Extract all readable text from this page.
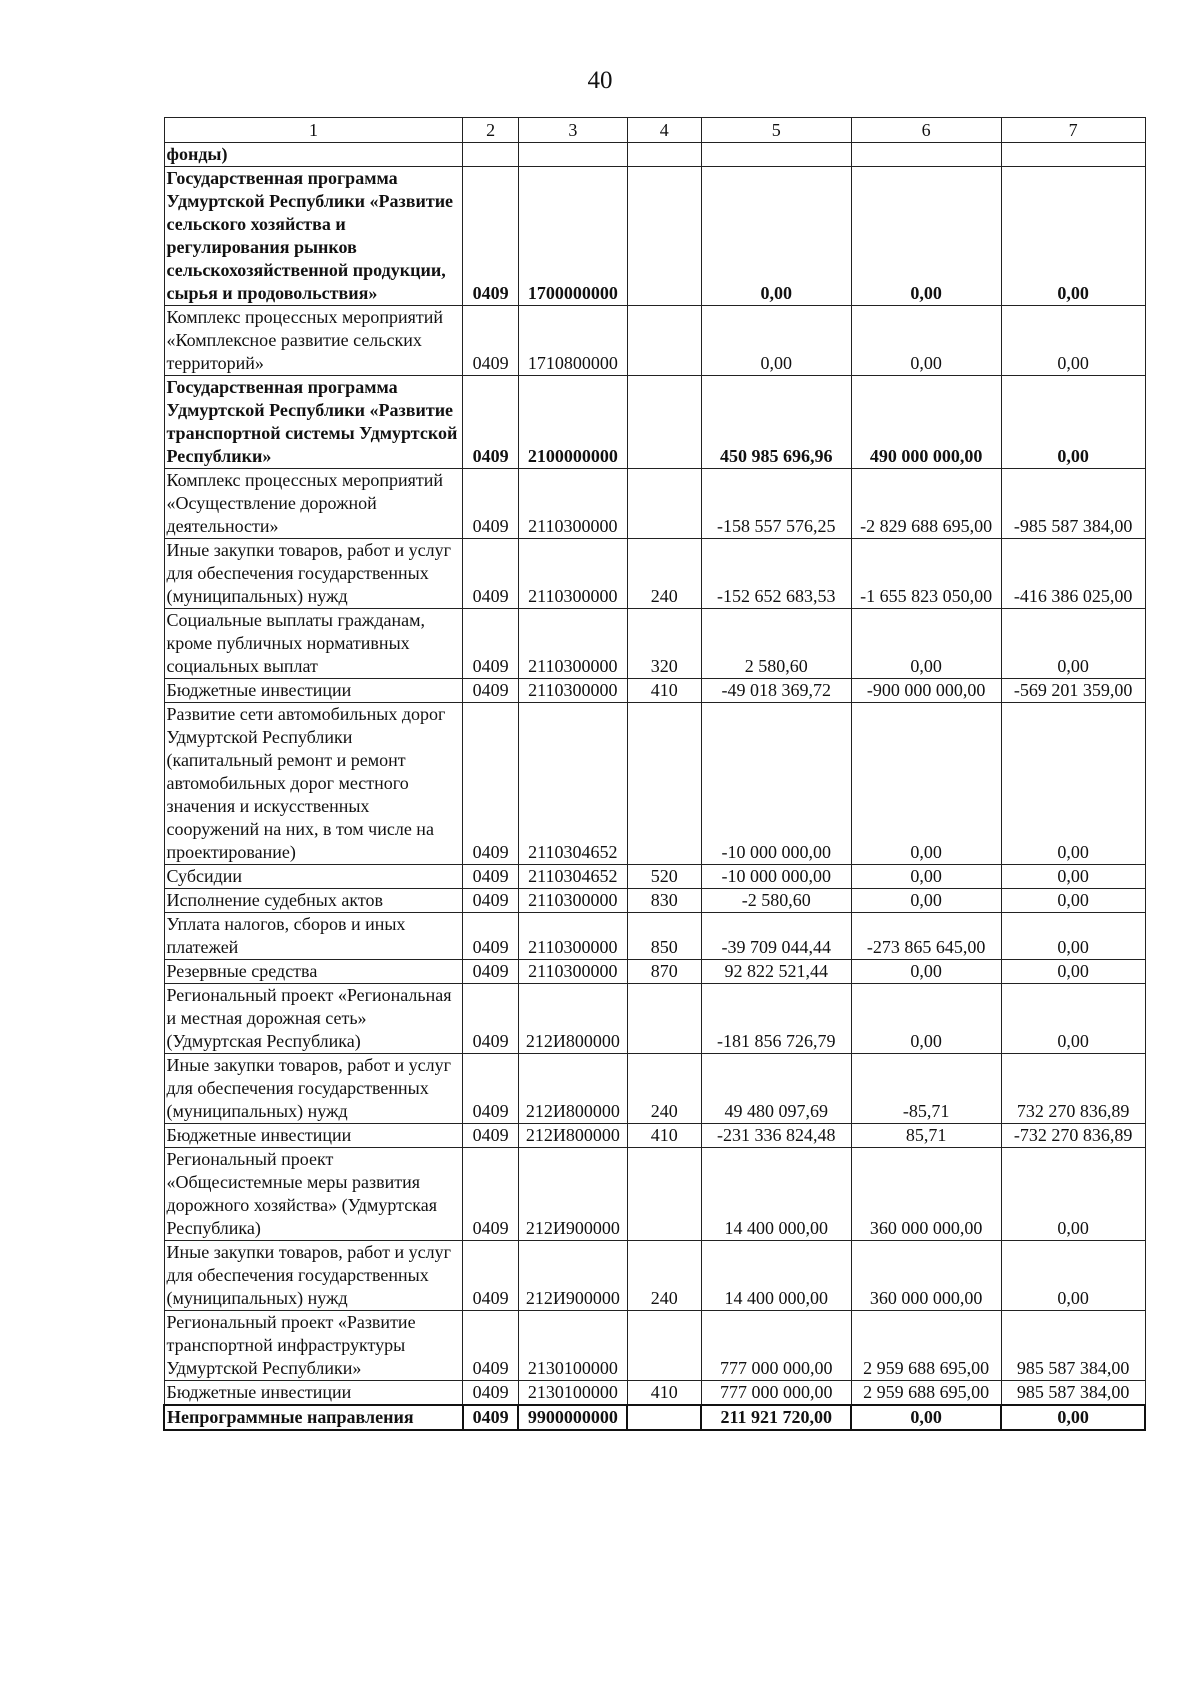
40
1	2	3	4	5	6	7
фонды)						
Государственная программа Удмуртской Республики «Развитие сельского хозяйства и регулирования рынков сельскохозяйственной продукции, сырья и продовольствия»	0409	1700000000		0,00	0,00	0,00
Комплекс процессных мероприятий «Комплексное развитие сельских территорий»	0409	1710800000		0,00	0,00	0,00
Государственная программа Удмуртской Республики «Развитие транспортной системы Удмуртской Республики»	0409	2100000000		450 985 696,96	490 000 000,00	0,00
Комплекс процессных мероприятий «Осуществление дорожной деятельности»	0409	2110300000		-158 557 576,25	-2 829 688 695,00	-985 587 384,00
Иные закупки товаров, работ и услуг для обеспечения государственных (муниципальных) нужд	0409	2110300000	240	-152 652 683,53	-1 655 823 050,00	-416 386 025,00
Социальные выплаты гражданам, кроме публичных нормативных социальных выплат	0409	2110300000	320	2 580,60	0,00	0,00
Бюджетные инвестиции	0409	2110300000	410	-49 018 369,72	-900 000 000,00	-569 201 359,00
Развитие сети автомобильных дорог Удмуртской Республики (капитальный ремонт и ремонт автомобильных дорог местного значения и искусственных сооружений на них, в том числе на проектирование)	0409	2110304652		-10 000 000,00	0,00	0,00
Субсидии	0409	2110304652	520	-10 000 000,00	0,00	0,00
Исполнение судебных актов	0409	2110300000	830	-2 580,60	0,00	0,00
Уплата налогов, сборов и иных платежей	0409	2110300000	850	-39 709 044,44	-273 865 645,00	0,00
Резервные средства	0409	2110300000	870	92 822 521,44	0,00	0,00
Региональный проект «Региональная и местная дорожная сеть» (Удмуртская Республика)	0409	212И800000		-181 856 726,79	0,00	0,00
Иные закупки товаров, работ и услуг для обеспечения государственных (муниципальных) нужд	0409	212И800000	240	49 480 097,69	-85,71	732 270 836,89
Бюджетные инвестиции	0409	212И800000	410	-231 336 824,48	85,71	-732 270 836,89
Региональный проект «Общесистемные меры развития дорожного хозяйства» (Удмуртская Республика)	0409	212И900000		14 400 000,00	360 000 000,00	0,00
Иные закупки товаров, работ и услуг для обеспечения государственных (муниципальных) нужд	0409	212И900000	240	14 400 000,00	360 000 000,00	0,00
Региональный проект «Развитие транспортной инфраструктуры Удмуртской Республики»	0409	2130100000		777 000 000,00	2 959 688 695,00	985 587 384,00
Бюджетные инвестиции	0409	2130100000	410	777 000 000,00	2 959 688 695,00	985 587 384,00
Непрограммные направления	0409	9900000000		211 921 720,00	0,00	0,00
